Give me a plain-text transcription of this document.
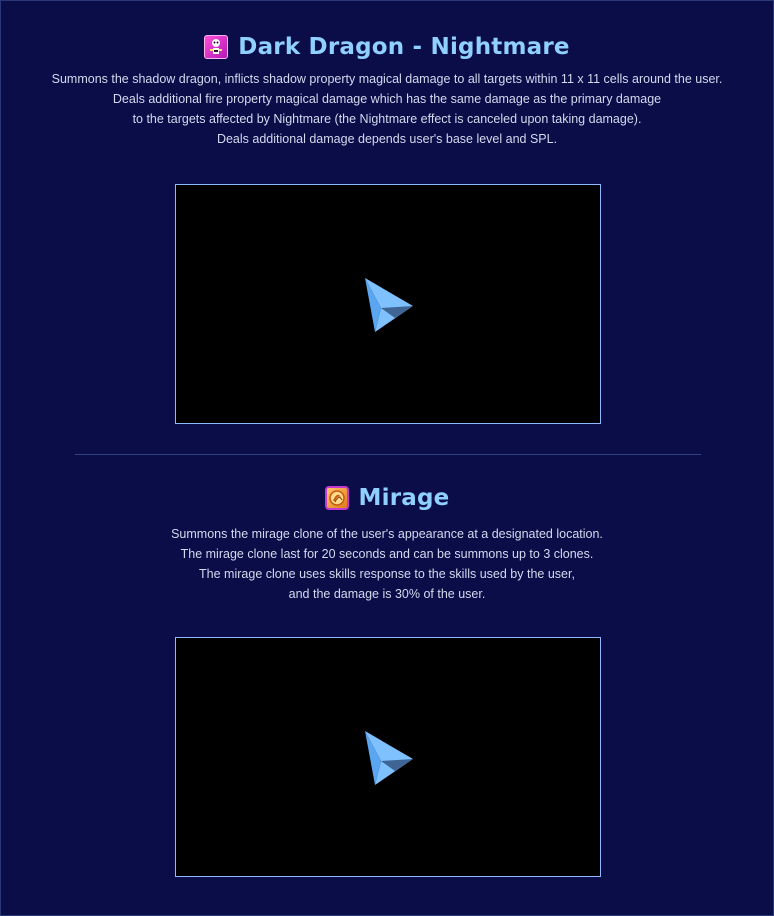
Dark Dragon - Nightmare
Summons the shadow dragon, inflicts shadow property magical damage to all targets within 11 x 11 cells around the user.
Deals additional fire property magical damage which has the same damage as the primary damage
to the targets affected by Nightmare (the Nightmare effect is canceled upon taking damage).
Deals additional damage depends user's base level and SPL.
Mirage
Summons the mirage clone of the user's appearance at a designated location.
The mirage clone last for 20 seconds and can be summons up to 3 clones.
The mirage clone uses skills response to the skills used by the user,
and the damage is 30% of the user.
